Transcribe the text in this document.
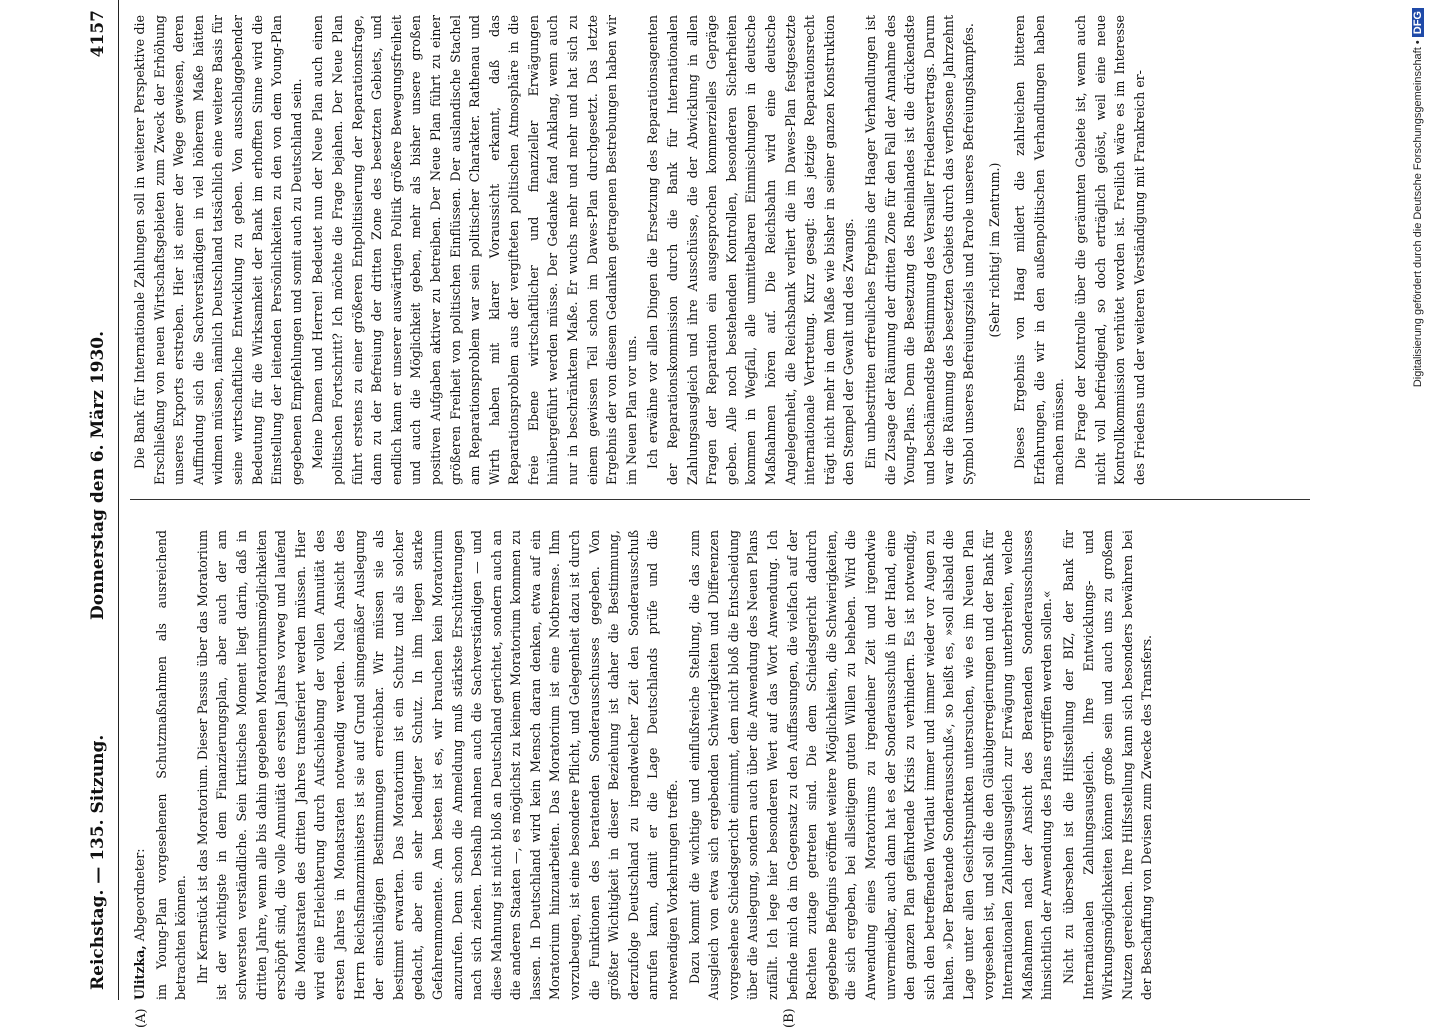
Reichstag. — 135. Sitzung.
Donnerstag den 6. März 1930.
4157
(A)	(B)

Ulitzka, Abgeordneter: im Young-Plan vorgesehenen Schutzmaßnahmen als ausreichend betrachten können. Ihr Kernstück ist das Moratorium. Dieser Passus über das Moratorium ist der wichtigste in dem Finanzierungsplan, aber auch der am schwersten verständliche. Sein kritisches Moment liegt darin, daß in dritten Jahre, wenn alle bis dahin gegebenen Moratoriumsmöglichkeiten erschöpft sind, die volle Annuität des ersten Jahres vorweg und laufend die Monatsraten des dritten Jahres transferiert werden müssen. Hier wird eine Erleichterung durch Aufschiebung der vollen Annuität des ersten Jahres in Monatsraten notwendig werden. Nach Ansicht des Herrn Reichsfinanzministers ist sie auf Grund sinngemäßer Auslegung der einschlägigen Bestimmungen erreichbar. Wir müssen sie als bestimmt erwarten. Das Moratorium ist ein Schutz und als solcher gedacht, aber ein sehr bedingter Schutz. In ihm liegen starke Gefahrenmomente. Am besten ist es, wir brauchen kein Moratorium anzurufen. Denn schon die Anmeldung muß stärkste Erschütterungen nach sich ziehen. Deshalb mahnen auch die Sachverständigen — und diese Mahnung ist nicht bloß an Deutschland gerichtet, sondern auch an die anderen Staaten —, es möglichst zu keinem Moratorium kommen zu lassen. In Deutschland wird kein Mensch daran denken, etwa auf ein Moratorium hinzuarbeiten. Das Moratorium ist eine Notbremse. Ihm vorzubeugen, ist eine besondere Pflicht, und Gelegenheit dazu ist durch die Funktionen des beratenden Sonderausschusses gegeben. Von größter Wichtigkeit in dieser Beziehung ist daher die Bestimmung, derzufolge Deutschland zu irgendwelcher Zeit den Sonderausschuß anrufen kann, damit er die Lage Deutschlands prüfe und die notwendigen Vorkehrungen treffe. Dazu kommt die wichtige und einflußreiche Stellung, die das zum Ausgleich von etwa sich ergebenden Schwierigkeiten und Differenzen vorgesehene Schiedsgericht einnimmt, dem nicht bloß die Entscheidung über die Auslegung, sondern auch über die Anwendung des Neuen Plans zufällt. Ich lege hier besonderen Wert auf das Wort Anwendung. Ich befinde mich da im Gegensatz zu den Auffassungen, die vielfach auf der Rechten zutage getreten sind. Die dem Schiedsgericht dadurch gegebene Befugnis eröffnet weitere Möglichkeiten, die Schwierigkeiten, die sich ergeben, bei allseitigem guten Willen zu beheben. Wird die Anwendung eines Moratoriums zu irgendeiner Zeit und irgendwie unvermeidbar, auch dann hat es der Sonderausschuß in der Hand, eine den ganzen Plan gefährdende Krisis zu verhindern. Es ist notwendig, sich den betreffenden Wortlaut immer und immer wieder vor Augen zu halten. »Der Beratende Sonderausschuß«, so heißt es, »soll alsbald die Lage unter allen Gesichtspunkten untersuchen, wie es im Neuen Plan vorgesehen ist, und soll die den Gläubigerregierungen und der Bank für Internationalen Zahlungsausgleich zur Erwägung unterbreiten, welche Maßnahmen nach der Ansicht des Beratenden Sonderausschusses hinsichtlich der Anwendung des Plans ergriffen werden sollen.« Nicht zu übersehen ist die Hilfsstellung der BIZ, der Bank für Internationalen Zahlungsausgleich. Ihre Entwicklungs- und Wirkungsmöglichkeiten können große sein und auch uns zu großem Nutzen gereichen. Ihre Hilfsstellung kann sich besonders bewähren bei der Beschaffung von Devisen zum Zwecke des Transfers.

Die Bank für Internationale Zahlungen soll in weiterer Perspektive die Erschließung von neuen Wirtschaftsgebieten zum Zweck der Erhöhung unseres Exports erstreben. Hier ist einer der Wege gewiesen, deren Auffindung sich die Sachverständigen in viel höherem Maße hätten widmen müssen, nämlich Deutschland tatsächlich eine weitere Basis für seine wirtschaftliche Entwicklung zu geben. Von ausschlaggebender Bedeutung für die Wirksamkeit der Bank im erhofften Sinne wird die Einstellung der leitenden Persönlichkeiten zu den von dem Young-Plan gegebenen Empfehlungen und somit auch zu Deutschland sein. Meine Damen und Herren! Bedeutet nun der Neue Plan auch einen politischen Fortschritt? Ich möchte die Frage bejahen. Der Neue Plan führt erstens zu einer größeren Entpolitisierung der Reparationsfrage, dann zu der Befreiung der dritten Zone des besetzten Gebiets, und endlich kann er unserer auswärtigen Politik größere Bewegungsfreiheit und auch die Möglichkeit geben, mehr als bisher unsere großen positiven Aufgaben aktiver zu betreiben. Der Neue Plan führt zu einer größeren Freiheit von politischen Einflüssen. Der auslandische Stachel am Reparationsproblem war sein politischer Charakter. Rathenau und Wirth haben mit klarer Voraussicht erkannt, daß das Reparationsproblem aus der vergifteten politischen Atmosphäre in die freie Ebene wirtschaftlicher und finanzieller Erwägungen hinübergeführt werden müsse. Der Gedanke fand Anklang, wenn auch nur in beschränktem Maße. Er wuchs mehr und mehr und hat sich zu einem gewissen Teil schon im Dawes-Plan durchgesetzt. Das letzte Ergebnis der von diesem Gedanken getragenen Bestrebungen haben wir im Neuen Plan vor uns. Ich erwähne vor allen Dingen die Ersetzung des Reparationsagenten der Reparationskommission durch die Bank für Internationalen Zahlungsausgleich und ihre Ausschüsse, die der Abwicklung in allen Fragen der Reparation ein ausgesprochen kommerzielles Gepräge geben. Alle noch bestehenden Kontrollen, besonderen Sicherheiten kommen in Wegfall, alle unmittelbaren Einmischungen in deutsche Maßnahmen hören auf. Die Reichsbahn wird eine deutsche Angelegenheit, die Reichsbank verliert die im Dawes-Plan festgesetzte internationale Vertretung. Kurz gesagt: das jetzige Reparationsrecht trägt nicht mehr in dem Maße wie bisher in seiner ganzen Konstruktion den Stempel der Gewalt und des Zwangs. Ein unbestritten erfreuliches Ergebnis der Haager Verhandlungen ist die Zusage der Räumung der dritten Zone für den Fall der Annahme des Young-Plans. Denn die Besetzung des Rheinlandes ist die drückendste und beschämendste Bestimmung des Versailler Friedensvertrags. Darum war die Räumung des besetzten Gebiets durch das verflossene Jahrzehnt Symbol unseres Befreiungsziels und Parole unseres Befreiungskampfes. (Sehr richtig! im Zentrum.) Dieses Ergebnis von Haag mildert die zahlreichen bitteren Erfahrungen, die wir in den außenpolitischen Verhandlungen haben machen müssen. Die Frage der Kontrolle über die geräumten Gebiete ist, wenn auch nicht voll befriedigend, so doch erträglich gelöst, weil eine neue Kontrollkommission verhütet worden ist. Freilich wäre es im Interesse des Friedens und der weiteren Verständigung mit Frankreich er-	Digitalisierung gefördert durch die Deutsche Forschungsgemeinschaft • DFG
